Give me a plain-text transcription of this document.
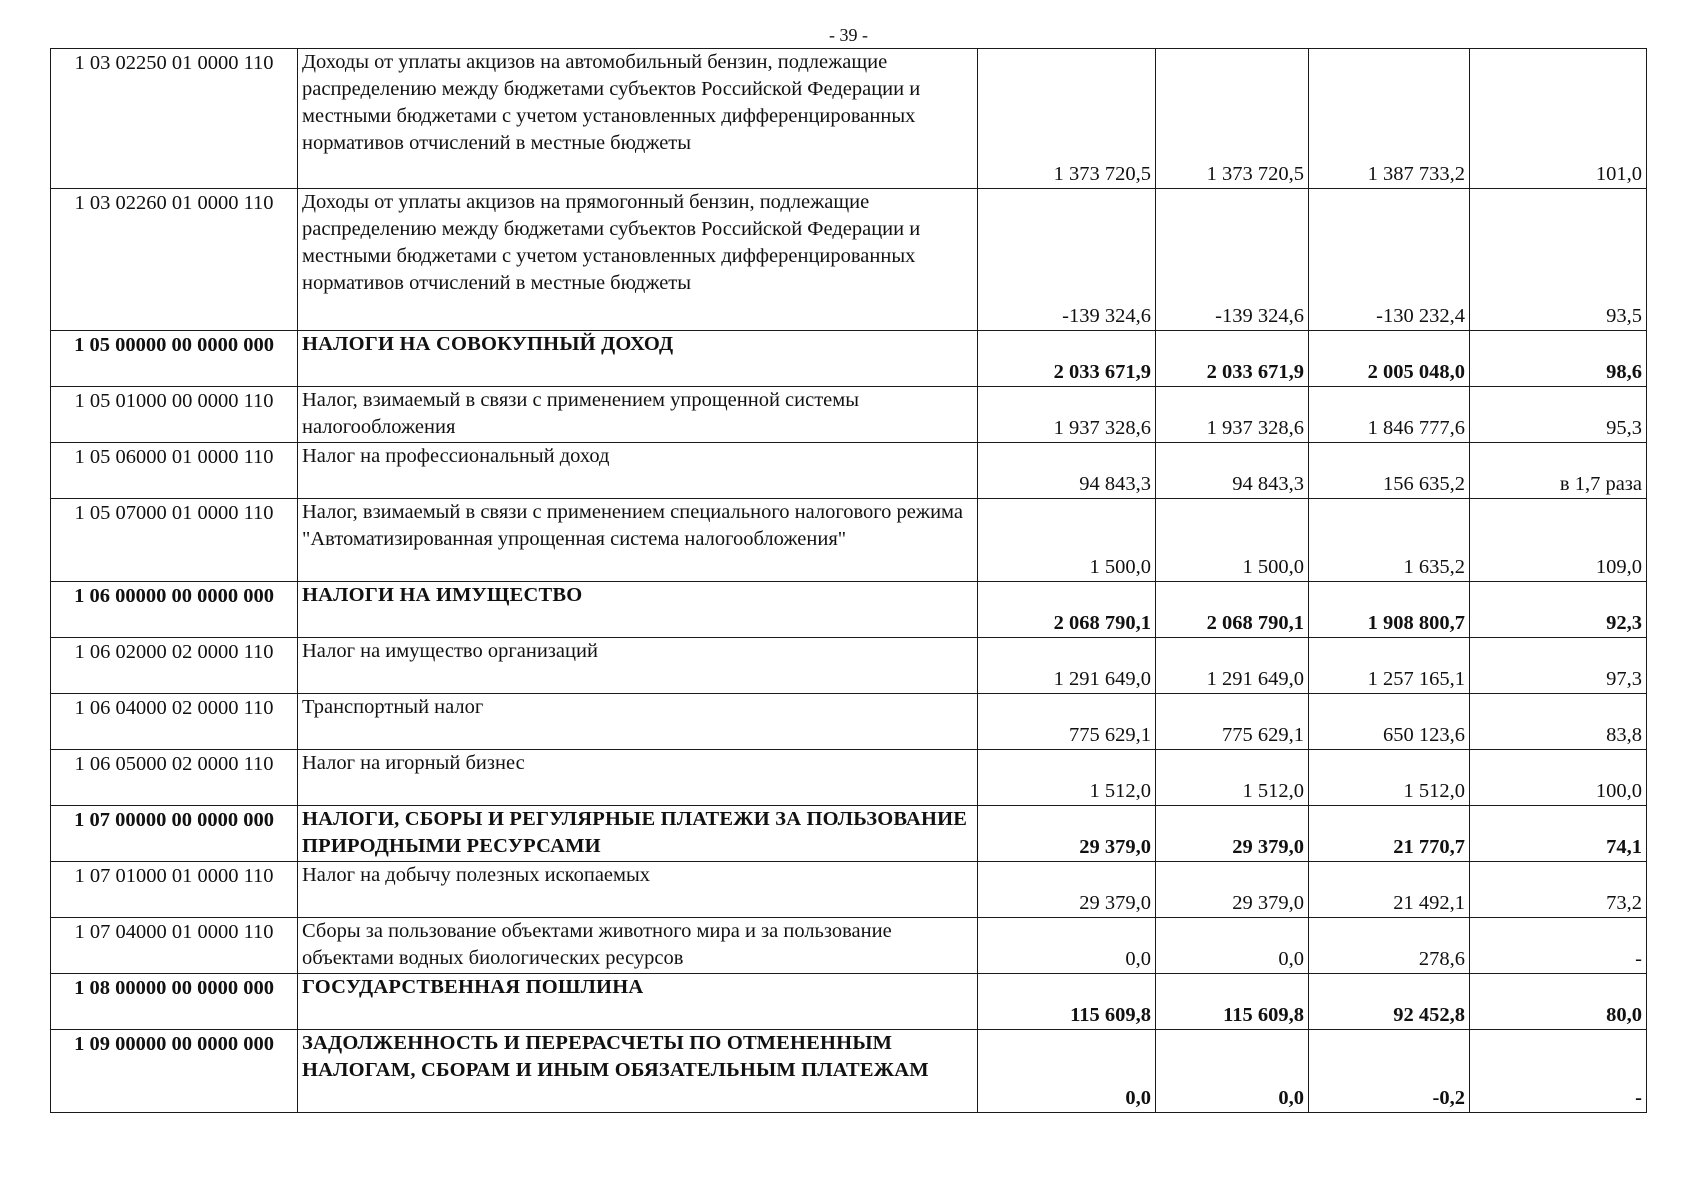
- 39 -
1 03 02250 01 0000 110	Доходы от уплаты акцизов на автомобильный бензин, подлежащие распределению между бюджетами субъектов Российской Федерации и местными бюджетами с учетом установленных дифференцированных нормативов отчислений в местные бюджеты	1 373 720,5	1 373 720,5	1 387 733,2	101,0
1 03 02260 01 0000 110	Доходы от уплаты акцизов на прямогонный бензин, подлежащие распределению между бюджетами субъектов Российской Федерации и местными бюджетами с учетом установленных дифференцированных нормативов отчислений в местные бюджеты	-139 324,6	-139 324,6	-130 232,4	93,5
1 05 00000 00 0000 000	НАЛОГИ НА СОВОКУПНЫЙ ДОХОД	2 033 671,9	2 033 671,9	2 005 048,0	98,6
1 05 01000 00 0000 110	Налог, взимаемый в связи с применением упрощенной системы налогообложения	1 937 328,6	1 937 328,6	1 846 777,6	95,3
1 05 06000 01 0000 110	Налог на профессиональный доход	94 843,3	94 843,3	156 635,2	в 1,7 раза
1 05 07000 01 0000 110	Налог, взимаемый в связи с применением специального налогового режима "Автоматизированная упрощенная система налогообложения"	1 500,0	1 500,0	1 635,2	109,0
1 06 00000 00 0000 000	НАЛОГИ НА ИМУЩЕСТВО	2 068 790,1	2 068 790,1	1 908 800,7	92,3
1 06 02000 02 0000 110	Налог на имущество организаций	1 291 649,0	1 291 649,0	1 257 165,1	97,3
1 06 04000 02 0000 110	Транспортный налог	775 629,1	775 629,1	650 123,6	83,8
1 06 05000 02 0000 110	Налог на игорный бизнес	1 512,0	1 512,0	1 512,0	100,0
1 07 00000 00 0000 000	НАЛОГИ, СБОРЫ И РЕГУЛЯРНЫЕ ПЛАТЕЖИ ЗА ПОЛЬЗОВАНИЕ ПРИРОДНЫМИ РЕСУРСАМИ	29 379,0	29 379,0	21 770,7	74,1
1 07 01000 01 0000 110	Налог на добычу полезных ископаемых	29 379,0	29 379,0	21 492,1	73,2
1 07 04000 01 0000 110	Сборы за пользование объектами животного мира и за пользование объектами водных биологических ресурсов	0,0	0,0	278,6	-
1 08 00000 00 0000 000	ГОСУДАРСТВЕННАЯ ПОШЛИНА	115 609,8	115 609,8	92 452,8	80,0
1 09 00000 00 0000 000	ЗАДОЛЖЕННОСТЬ И ПЕРЕРАСЧЕТЫ ПО ОТМЕНЕННЫМ НАЛОГАМ, СБОРАМ И ИНЫМ ОБЯЗАТЕЛЬНЫМ ПЛАТЕЖАМ	0,0	0,0	-0,2	-
